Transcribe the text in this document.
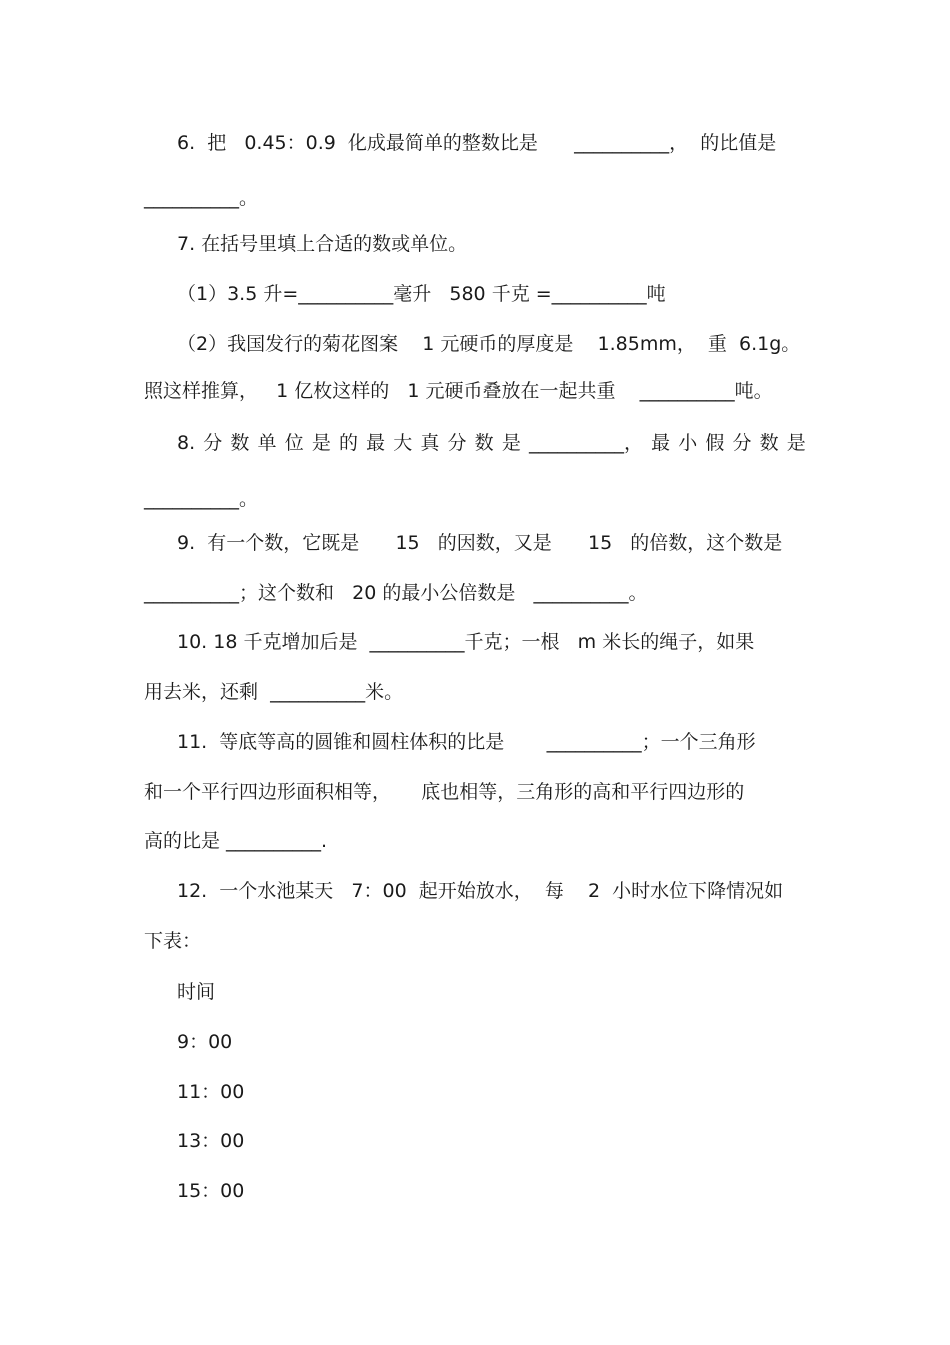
6.  把   0.45：0.9  化成最简单的整数比是      __________，  的比值是
__________。
7. 在括号里填上合适的数或单位。
（1）3.5 升=__________毫升   580 千克 =__________吨
（2）我国发行的菊花图案    1 元硬币的厚度是    1.85mm，  重  6.1g。
照这样推算，   1 亿枚这样的   1 元硬币叠放在一起共重    __________吨。
8. 分 数 单 位 是 的 最 大 真 分 数 是 __________， 最 小 假 分 数 是
__________。
9.  有一个数，它既是      15   的因数，又是      15   的倍数，这个数是
__________；这个数和   20 的最小公倍数是   __________。
10. 18 千克增加后是  __________千克；一根   m 米长的绳子，如果
用去米，还剩  __________米。
11.  等底等高的圆锥和圆柱体积的比是       __________；一个三角形
和一个平行四边形面积相等，     底也相等，三角形的高和平行四边形的
高的比是 __________.
12.  一个水池某天   7：00  起开始放水，  每    2  小时水位下降情况如
下表：
时间
9：00
11：00
13：00
15：00
